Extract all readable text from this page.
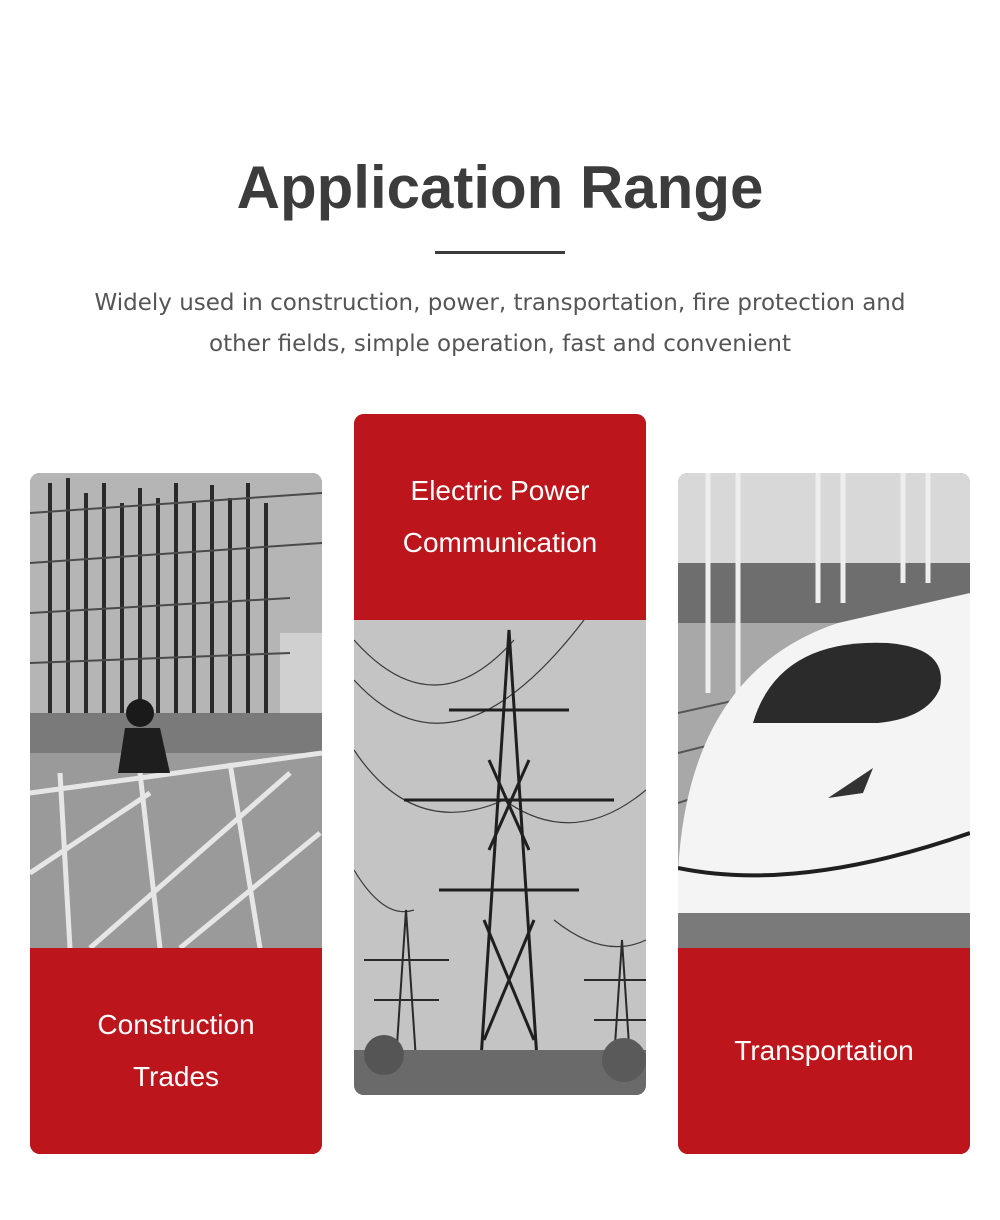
Application Range

Widely used in construction, power, transportation, fire protection and
other fields, simple operation, fast and convenient

Construction
Trades
Electric Power
Communication
Transportation
